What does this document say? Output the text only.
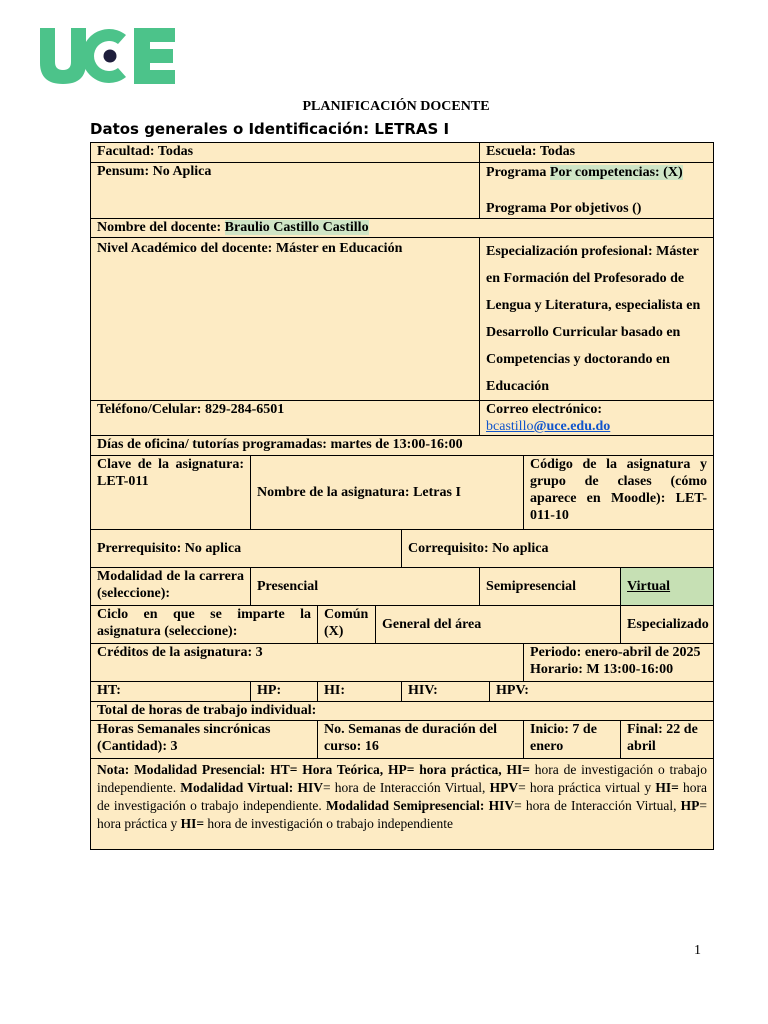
PLANIFICACIÓN DOCENTE
Datos generales o Identificación: LETRAS I
Facultad: Todas					Escuela: Todas			
Pensum: No Aplica					Programa Por competencias: (X)
Programa Por objetivos ()			

Nombre del docente: Braulio Castillo Castillo								
Nivel Académico del docente: Máster en Educación					Especialización profesional: Máster en Formación del Profesorado de Lengua y Literatura, especialista en Desarrollo Curricular basado en Competencias y doctorando en Educación			
Teléfono/Celular: 829-284-6501					Correo electrónico: bcastillo@uce.edu.do			
Días de oficina/ tutorías programadas: martes de 13:00-16:00								

Clave de la asignatura:
LET-011	Nombre de la asignatura: Letras I						Código de la asignatura y grupo de clases (cómo aparece en Moodle): LET-011-10	
Prerrequisito: No aplica				Correquisito: No aplica				
Modalidad de la carrera (seleccione):	Presencial				Semipresencial			Virtual
Ciclo en que se imparte la asignatura (seleccione):		Común (X)	General del área					Especializado
Créditos de la asignatura: 3							Periodo: enero-abril de 2025
Horario: M 13:00-16:00	

HT:	HP:	HI:		HIV:		HPV:		
Total de horas de trabajo individual:								
Horas Semanales sincrónicas (Cantidad): 3		No. Semanas de duración del curso: 16					Inicio: 7 de enero	Final: 22 de abril
Nota: Modalidad Presencial: HT= Hora Teórica, HP= hora práctica, HI= hora de investigación o trabajo independiente. Modalidad Virtual: HIV= hora de Interacción Virtual, HPV= hora práctica virtual y HI= hora de investigación o trabajo independiente. Modalidad Semipresencial: HIV= hora de Interacción Virtual, HP= hora práctica y HI= hora de investigación o trabajo independiente								
1
